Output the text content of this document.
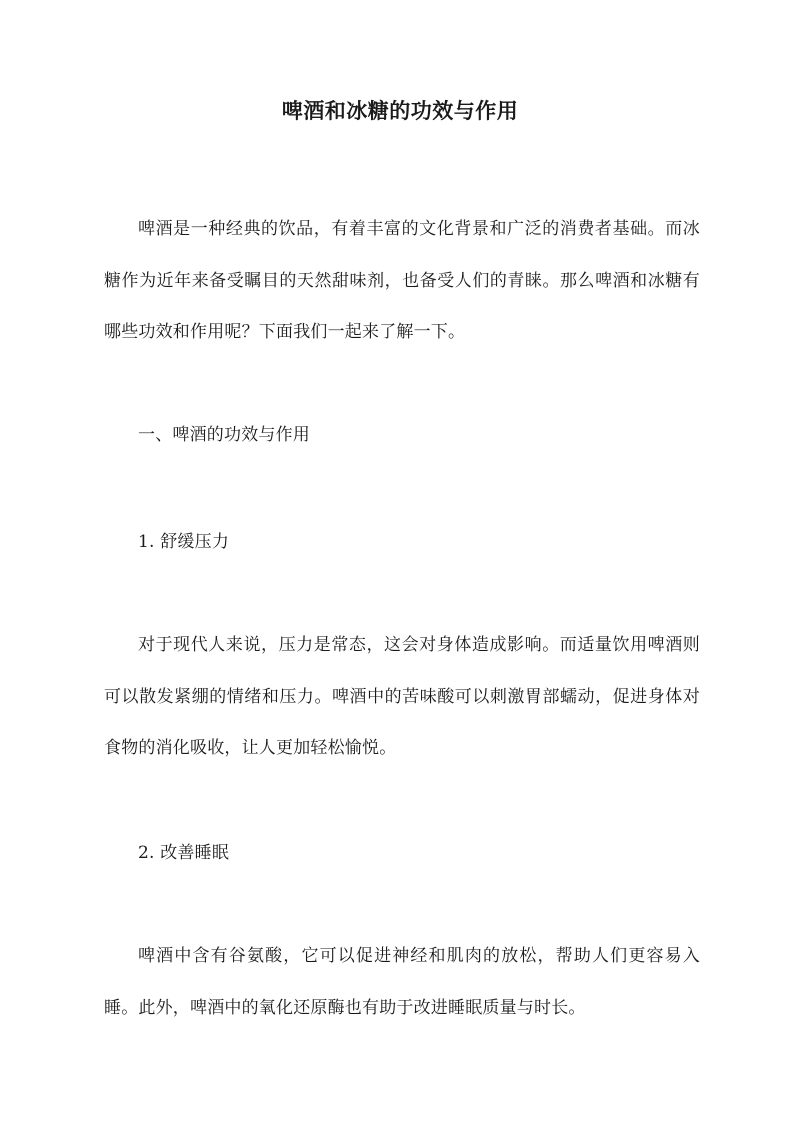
啤酒和冰糖的功效与作用
啤酒是一种经典的饮品，有着丰富的文化背景和广泛的消费者基础。而冰糖作为近年来备受瞩目的天然甜味剂，也备受人们的青睐。那么啤酒和冰糖有哪些功效和作用呢？下面我们一起来了解一下。
一、啤酒的功效与作用
1. 舒缓压力
对于现代人来说，压力是常态，这会对身体造成影响。而适量饮用啤酒则可以散发紧绷的情绪和压力。啤酒中的苦味酸可以刺激胃部蠕动，促进身体对食物的消化吸收，让人更加轻松愉悦。
2. 改善睡眠
啤酒中含有谷氨酸，它可以促进神经和肌肉的放松，帮助人们更容易入睡。此外，啤酒中的氧化还原酶也有助于改进睡眠质量与时长。
